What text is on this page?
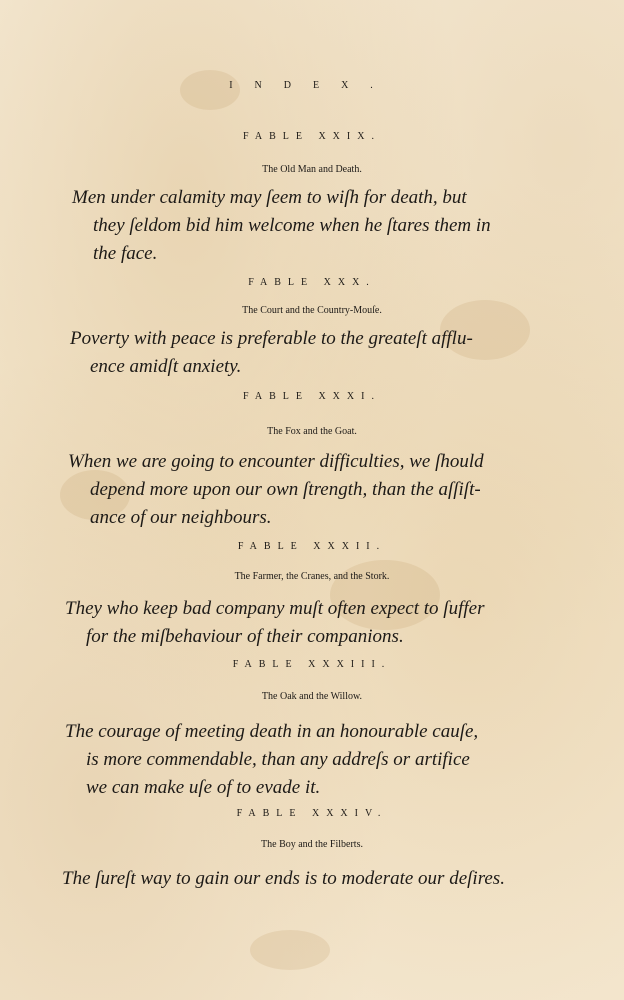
INDEX.
FABLE XXIX.
The Old Man and Death.
Men under calamity may ſeem to wiſh for death, but
they ſeldom bid him welcome when he ſtares them in
the face.
FABLE XXX.
The Court and the Country-Mouſe.
Poverty with peace is preferable to the greateſt afflu-
ence amidſt anxiety.
FABLE XXXI.
The Fox and the Goat.
When we are going to encounter difficulties, we ſhould
depend more upon our own ſtrength, than the aſſiſt-
ance of our neighbours.
FABLE XXXII.
The Farmer, the Cranes, and the Stork.
They who keep bad company muſt often expect to ſuffer
for the miſbehaviour of their companions.
FABLE XXXIII.
The Oak and the Willow.
The courage of meeting death in an honourable cauſe,
is more commendable, than any addreſs or artifice
we can make uſe of to evade it.
FABLE XXXIV.
The Boy and the Filberts.
The ſureſt way to gain our ends is to moderate our deſires.
